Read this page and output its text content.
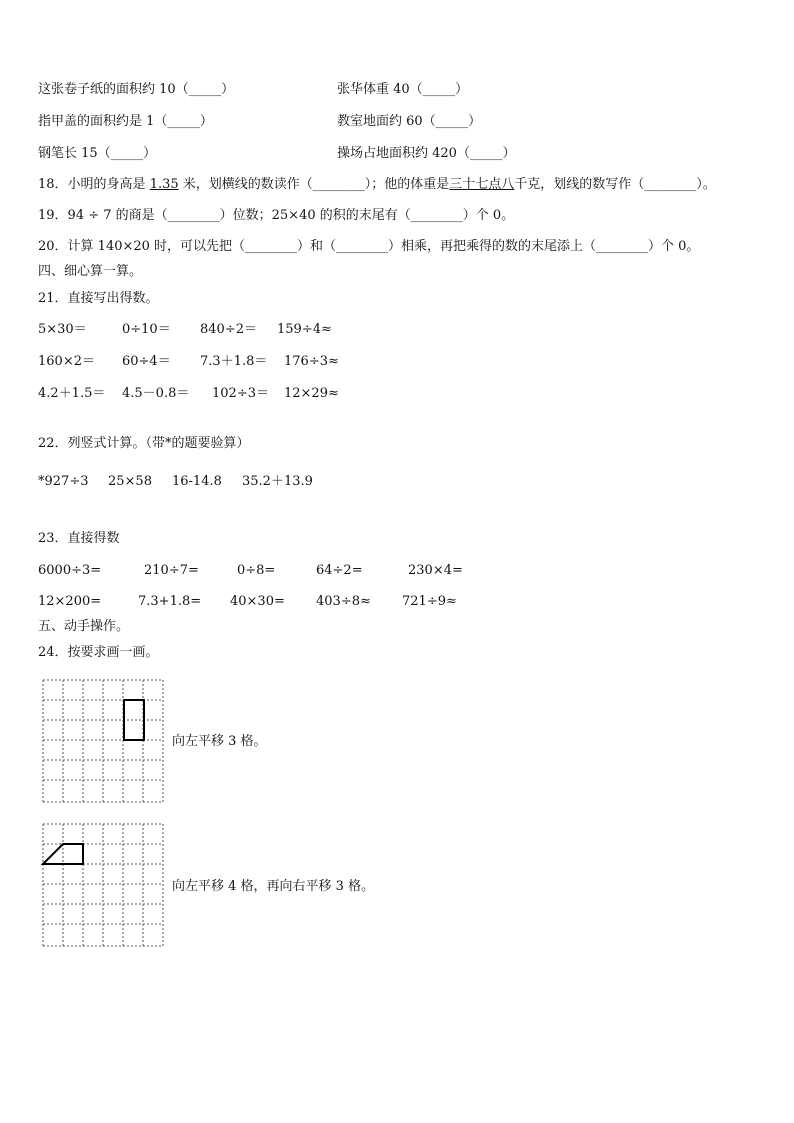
这张卷子纸的面积约 10（_____）	张华体重 40（_____）
指甲盖的面积约是 1（_____）	教室地面约 60（_____）
钢笔长 15（_____）	操场占地面积约 420（_____）
18．小明的身高是 1.35 米，划横线的数读作（________）；他的体重是三十七点八千克，划线的数写作（________）。
19．94 ÷ 7 的商是（________）位数；25×40 的积的末尾有（________）个 0。
20．计算 140×20 时，可以先把（________）和（________）相乘，再把乘得的数的末尾添上（________）个 0。
四、细心算一算。
21．直接写出得数。
5×30＝	0÷10＝ 840÷2＝ 159÷4≈
160×2＝ 60÷4＝ 7.3＋1.8＝ 176÷3≈
4.2＋1.5＝ 4.5－0.8＝ 102÷3＝ 12×29≈
22．列竖式计算。（带*的题要验算）
*927÷3 25×58 16-14.8 35.2＋13.9
23．直接得数
6000÷3=	210÷7=	0÷8=	64÷2=	230×4=
12×200=	7.3+1.8= 40×30= 403÷8≈ 721÷9≈
五、动手操作。
24．按要求画一画。
向左平移 3 格。
向左平移 4 格，再向右平移 3 格。
